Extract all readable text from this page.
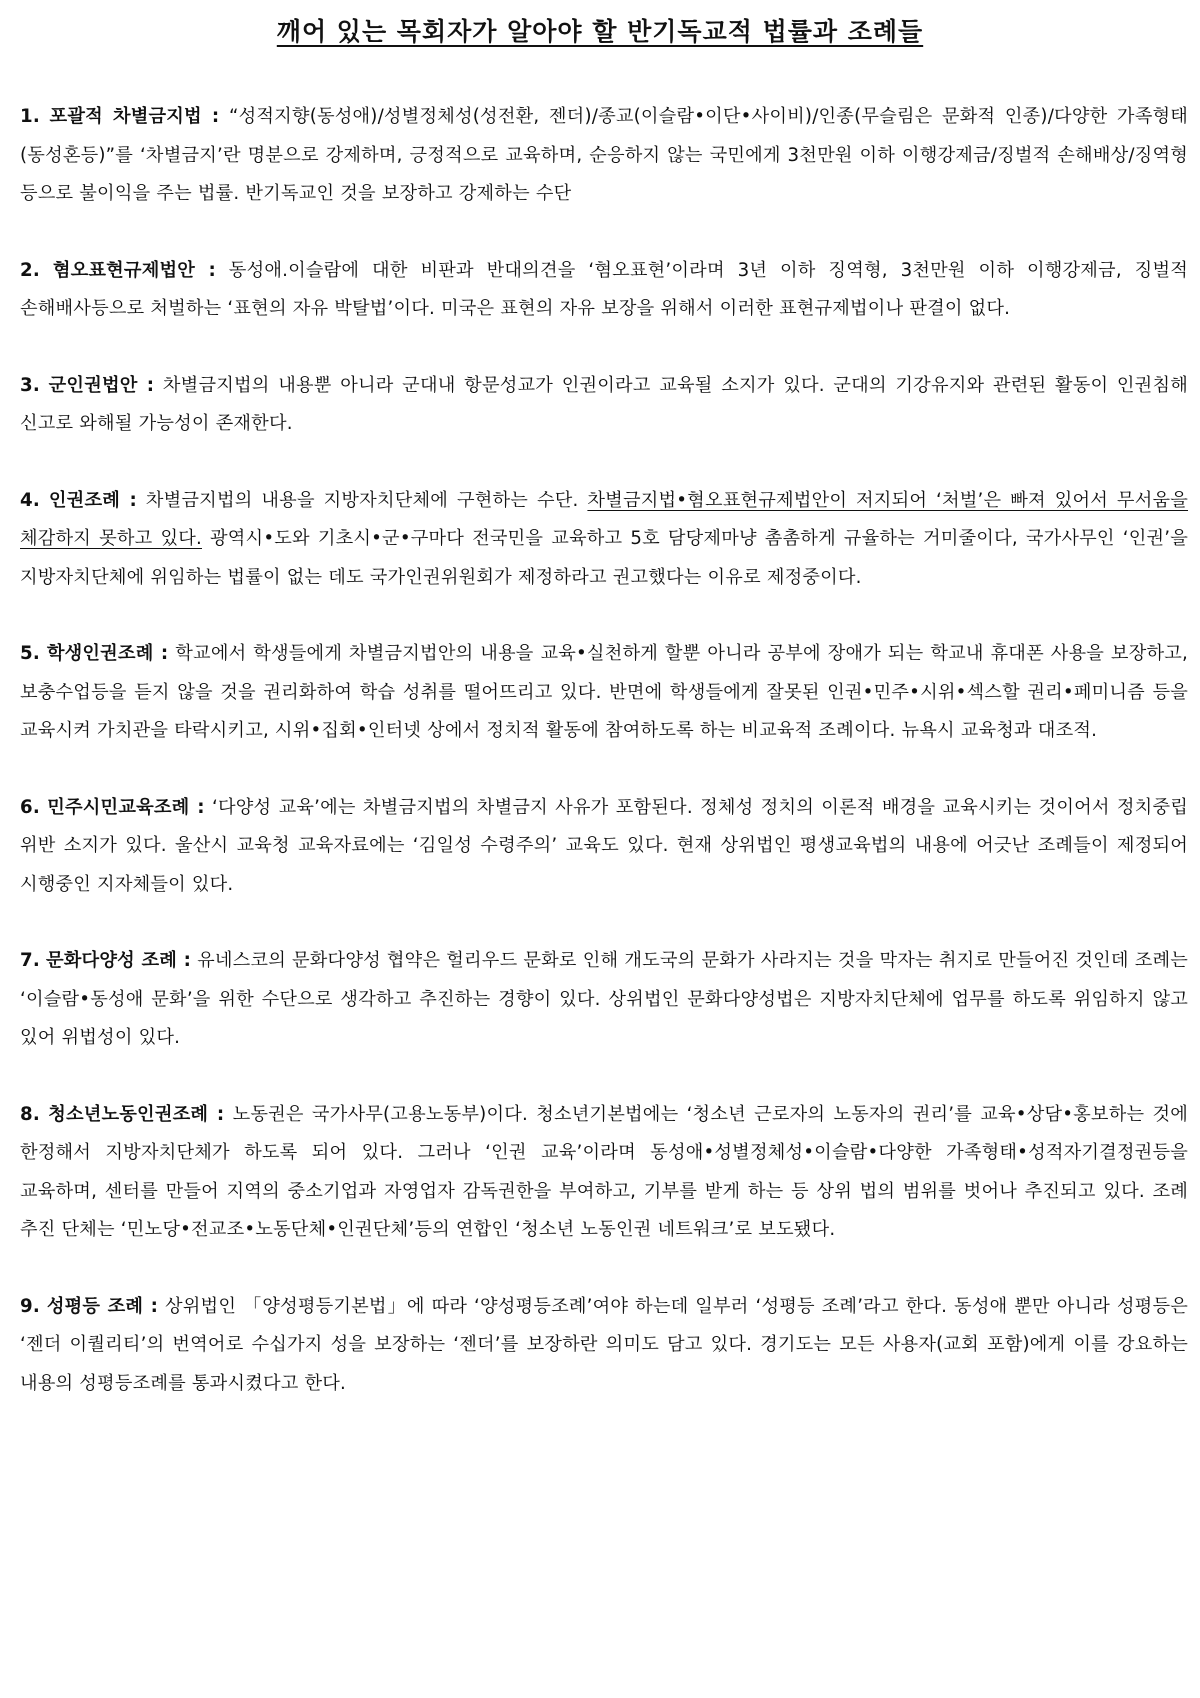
깨어 있는 목회자가 알아야 할 반기독교적 법률과 조례들

1. 포괄적 차별금지법 : “성적지향(동성애)/성별정체성(성전환, 젠더)/종교(이슬람•이단•사이비)/인종(무슬림은 문화적 인종)/다양한 가족형태(동성혼등)”를 ‘차별금지’란 명분으로 강제하며, 긍정적으로 교육하며, 순응하지 않는 국민에게 3천만원 이하 이행강제금/징벌적 손해배상/징역형 등으로 불이익을 주는 법률. 반기독교인 것을 보장하고 강제하는 수단

2. 혐오표현규제법안 : 동성애.이슬람에 대한 비판과 반대의견을 ‘혐오표현’이라며 3년 이하 징역형, 3천만원 이하 이행강제금, 징벌적 손해배사등으로 처벌하는 ‘표현의 자유 박탈법’이다. 미국은 표현의 자유 보장을 위해서 이러한 표현규제법이나 판결이 없다.

3. 군인권법안 : 차별금지법의 내용뿐 아니라 군대내 항문성교가 인권이라고 교육될 소지가 있다. 군대의 기강유지와 관련된 활동이 인권침해 신고로 와해될 가능성이 존재한다.

4. 인권조례 : 차별금지법의 내용을 지방자치단체에 구현하는 수단. 차별금지법•혐오표현규제법안이 저지되어 ‘처벌’은 빠져 있어서 무서움을 체감하지 못하고 있다. 광역시•도와 기초시•군•구마다 전국민을 교육하고 5호 담당제마냥 촘촘하게 규율하는 거미줄이다, 국가사무인 ‘인권’을 지방자치단체에 위임하는 법률이 없는 데도 국가인권위원회가 제정하라고 권고했다는 이유로 제정중이다.

5. 학생인권조례 : 학교에서 학생들에게 차별금지법안의 내용을 교육•실천하게 할뿐 아니라 공부에 장애가 되는 학교내 휴대폰 사용을 보장하고, 보충수업등을 듣지 않을 것을 권리화하여 학습 성취를 떨어뜨리고 있다. 반면에 학생들에게 잘못된 인권•민주•시위•섹스할 권리•페미니즘 등을 교육시켜 가치관을 타락시키고, 시위•집회•인터넷 상에서 정치적 활동에 참여하도록 하는 비교육적 조례이다. 뉴욕시 교육청과 대조적.

6. 민주시민교육조례 : ‘다양성 교육’에는 차별금지법의 차별금지 사유가 포함된다. 정체성 정치의 이론적 배경을 교육시키는 것이어서 정치중립 위반 소지가 있다. 울산시 교육청 교육자료에는 ‘김일성 수령주의’ 교육도 있다. 현재 상위법인 평생교육법의 내용에 어긋난 조례들이 제정되어 시행중인 지자체들이 있다.

7. 문화다양성 조례 : 유네스코의 문화다양성 협약은 헐리우드 문화로 인해 개도국의 문화가 사라지는 것을 막자는 취지로 만들어진 것인데 조례는 ‘이슬람•동성애 문화’을 위한 수단으로 생각하고 추진하는 경향이 있다. 상위법인 문화다양성법은 지방자치단체에 업무를 하도록 위임하지 않고 있어 위법성이 있다.

8. 청소년노동인권조례 : 노동권은 국가사무(고용노동부)이다. 청소년기본법에는 ‘청소년 근로자의 노동자의 권리’를 교육•상담•홍보하는 것에 한정해서 지방자치단체가 하도록 되어 있다. 그러나 ‘인권 교육’이라며 동성애•성별정체성•이슬람•다양한 가족형태•성적자기결정권등을 교육하며, 센터를 만들어 지역의 중소기업과 자영업자 감독권한을 부여하고, 기부를 받게 하는 등 상위 법의 범위를 벗어나 추진되고 있다. 조례 추진 단체는 ‘민노당•전교조•노동단체•인권단체’등의 연합인 ‘청소년 노동인권 네트워크’로 보도됐다.

9. 성평등 조례 : 상위법인 「양성평등기본법」에 따라 ‘양성평등조례’여야 하는데 일부러 ‘성평등 조례’라고 한다. 동성애 뿐만 아니라 성평등은 ‘젠더 이퀄리티’의 번역어로 수십가지 성을 보장하는 ‘젠더’를 보장하란 의미도 담고 있다. 경기도는 모든 사용자(교회 포함)에게 이를 강요하는 내용의 성평등조례를 통과시켰다고 한다.
